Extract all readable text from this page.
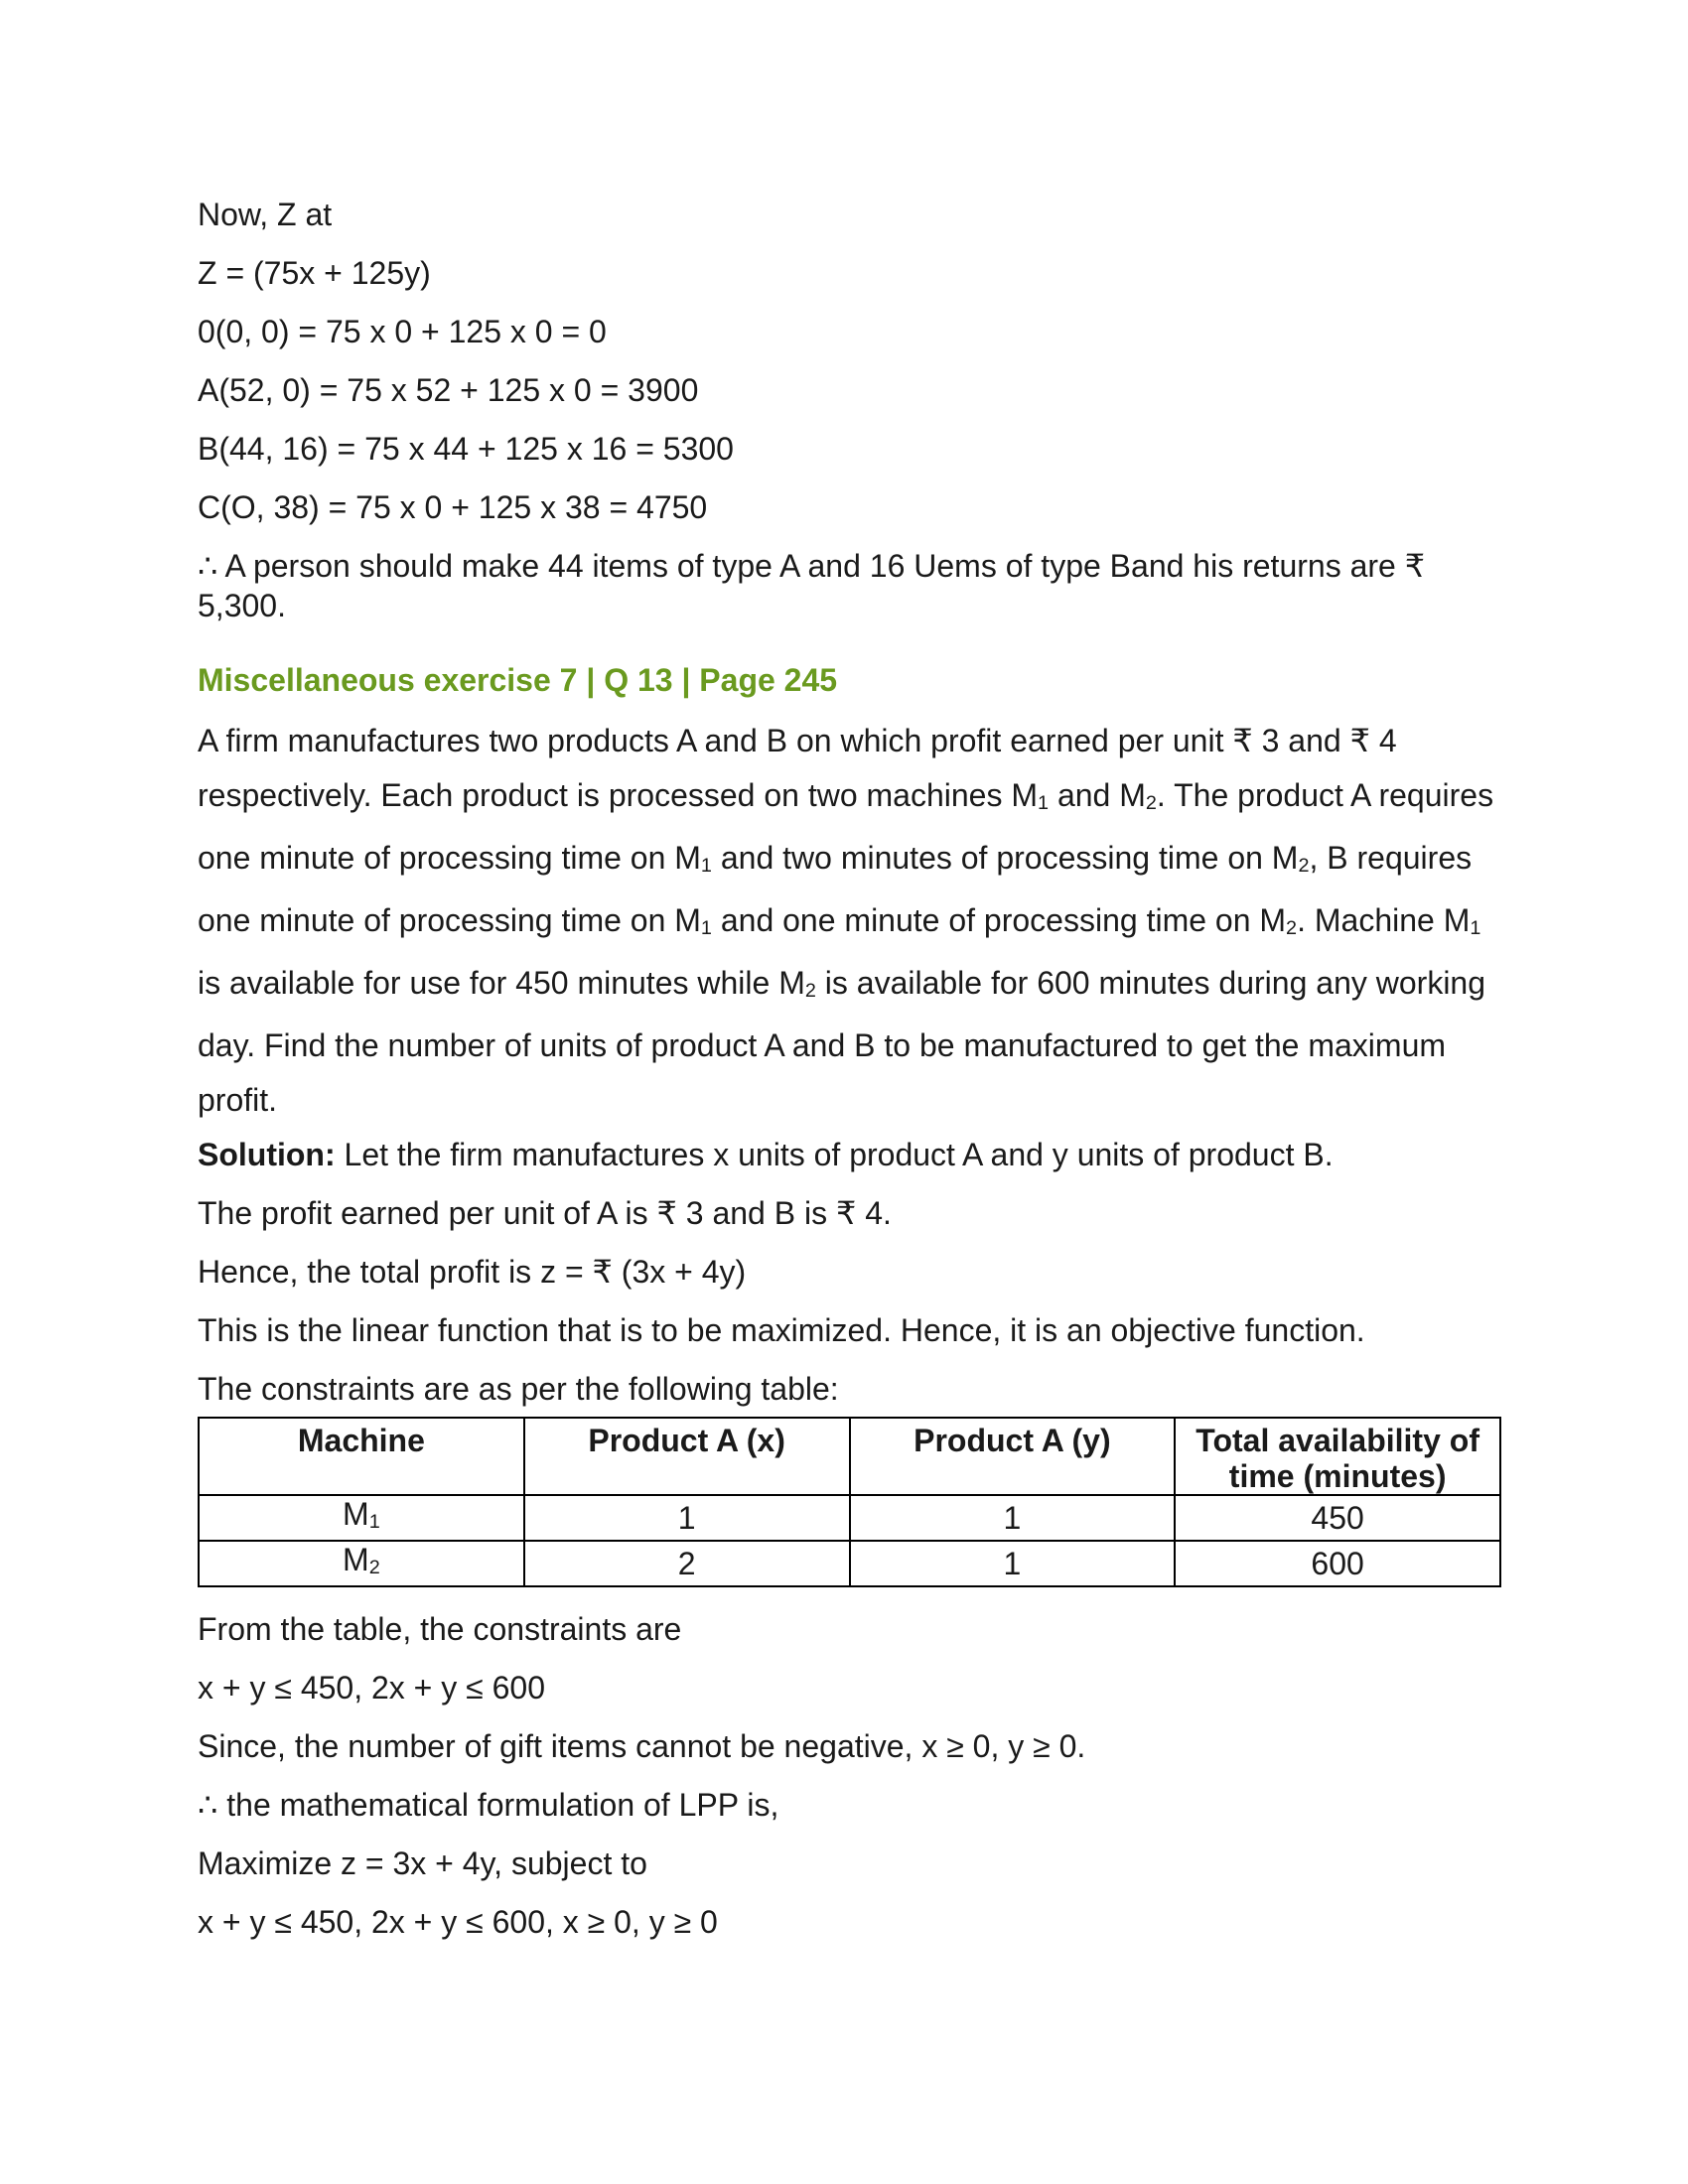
Now, Z at
Z = (75x + 125y)
0(0, 0) = 75 x 0 + 125 x 0 = 0
A(52, 0) = 75 x 52 + 125 x 0 = 3900
B(44, 16) = 75 x 44 + 125 x 16 = 5300
C(O, 38) = 75 x 0 + 125 x 38 = 4750

∴ A person should make 44 items of type A and 16 Uems of type Band his returns are ₹ 5,300.

Miscellaneous exercise 7 | Q 13 | Page 245

A firm manufactures two products A and B on which profit earned per unit ₹ 3 and ₹ 4 respectively. Each product is processed on two machines $M_1$ and $M_2$. The product A requires one minute of processing time on $M_1$ and two minutes of processing time on $M_2$, B requires one minute of processing time on $M_1$ and one minute of processing time on $M_2$. Machine $M_1$ is available for use for 450 minutes while $M_2$ is available for 600 minutes during any working day. Find the number of units of product A and B to be manufactured to get the maximum profit.

Solution: Let the firm manufactures x units of product A and y units of product B.
The profit earned per unit of A is ₹ 3 and B is ₹ 4.
Hence, the total profit is z = ₹ (3x + 4y)
This is the linear function that is to be maximized. Hence, it is an objective function.
The constraints are as per the following table:
Machine	Product A (x)	Product A (y)	Total availability of time (minutes)
$M_1$	1	1	450
$M_2$	2	1	600
From the table, the constraints are
x + y ≤ 450, 2x + y ≤ 600
Since, the number of gift items cannot be negative, x ≥ 0, y ≥ 0.
∴ the mathematical formulation of LPP is,
Maximize z = 3x + 4y, subject to
x + y ≤ 450, 2x + y ≤ 600, x ≥ 0, y ≥ 0
